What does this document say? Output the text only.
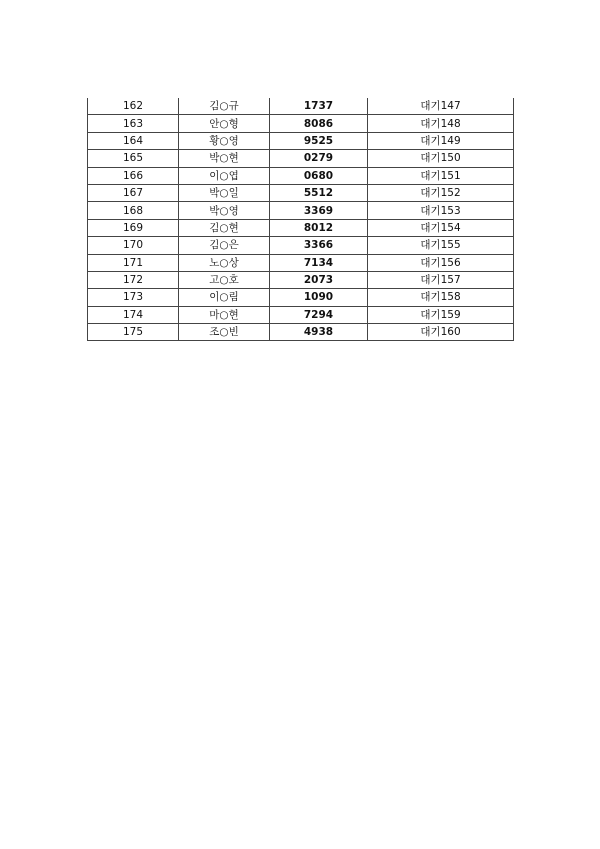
162	김○규	1737	대기147
163	안○형	8086	대기148
164	황○영	9525	대기149
165	박○현	0279	대기150
166	이○엽	0680	대기151
167	박○일	5512	대기152
168	박○영	3369	대기153
169	김○현	8012	대기154
170	김○은	3366	대기155
171	노○상	7134	대기156
172	고○호	2073	대기157
173	이○림	1090	대기158
174	마○현	7294	대기159
175	조○빈	4938	대기160
